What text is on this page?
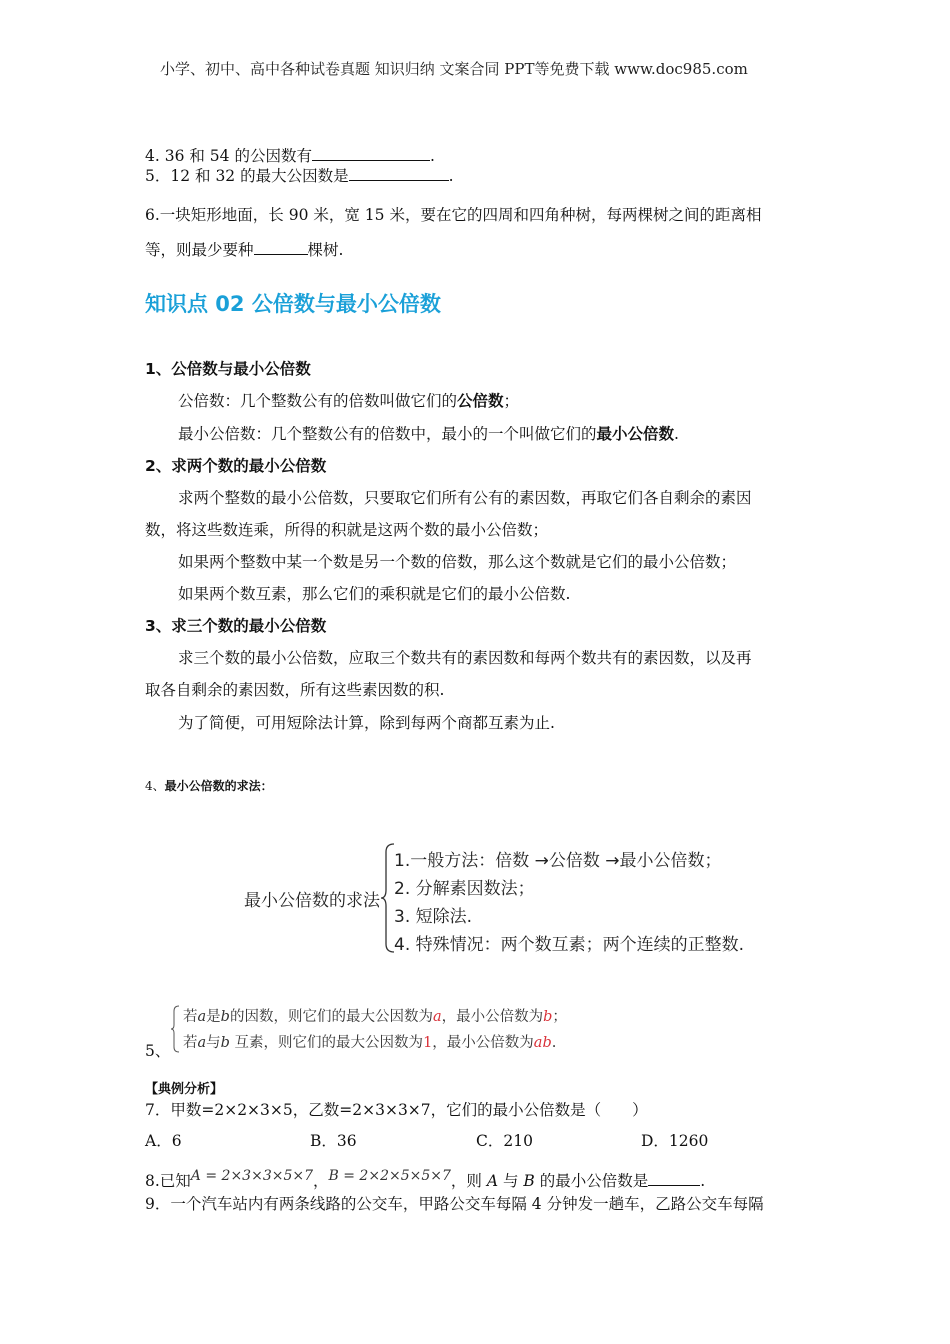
小学、初中、高中各种试卷真题 知识归纳 文案合同 PPT等免费下载 www.doc985.com
4. 36 和 54 的公因数有	.
5．12 和 32 的最大公因数是	.
6.一块矩形地面，长 90 米，宽 15 米，要在它的四周和四角种树，每两棵树之间的距离相
等，则最少要种	棵树.
知识点 02 公倍数与最小公倍数
1、公倍数与最小公倍数
公倍数：几个整数公有的倍数叫做它们的公倍数；
最小公倍数：几个整数公有的倍数中，最小的一个叫做它们的最小公倍数.
2、求两个数的最小公倍数
求两个整数的最小公倍数，只要取它们所有公有的素因数，再取它们各自剩余的素因
数，将这些数连乘，所得的积就是这两个数的最小公倍数；
如果两个整数中某一个数是另一个数的倍数，那么这个数就是它们的最小公倍数；
如果两个数互素，那么它们的乘积就是它们的最小公倍数.
3、求三个数的最小公倍数
求三个数的最小公倍数，应取三个数共有的素因数和每两个数共有的素因数，以及再
取各自剩余的素因数，所有这些素因数的积.
为了简便，可用短除法计算，除到每两个商都互素为止.
4、最小公倍数的求法：
最小公倍数的求法
1.一般方法：倍数 →公倍数 →最小公倍数；
2. 分解素因数法；
3. 短除法.
4. 特殊情况：两个数互素；两个连续的正整数.
5、
若a是b的因数，则它们的最大公因数为a，最小公倍数为b；
若a与b 互素，则它们的最大公因数为1，最小公倍数为ab.
【典例分析】
7．甲数=2×2×3×5，乙数=2×3×3×7，它们的最小公倍数是（　　）
A．6	B．36	C．210	D．1260
8.已知A = 2×3×3×5×7，B = 2×2×5×5×7，则 A 与 B 的最小公倍数是	.
9．一个汽车站内有两条线路的公交车，甲路公交车每隔 4 分钟发一趟车，乙路公交车每隔
